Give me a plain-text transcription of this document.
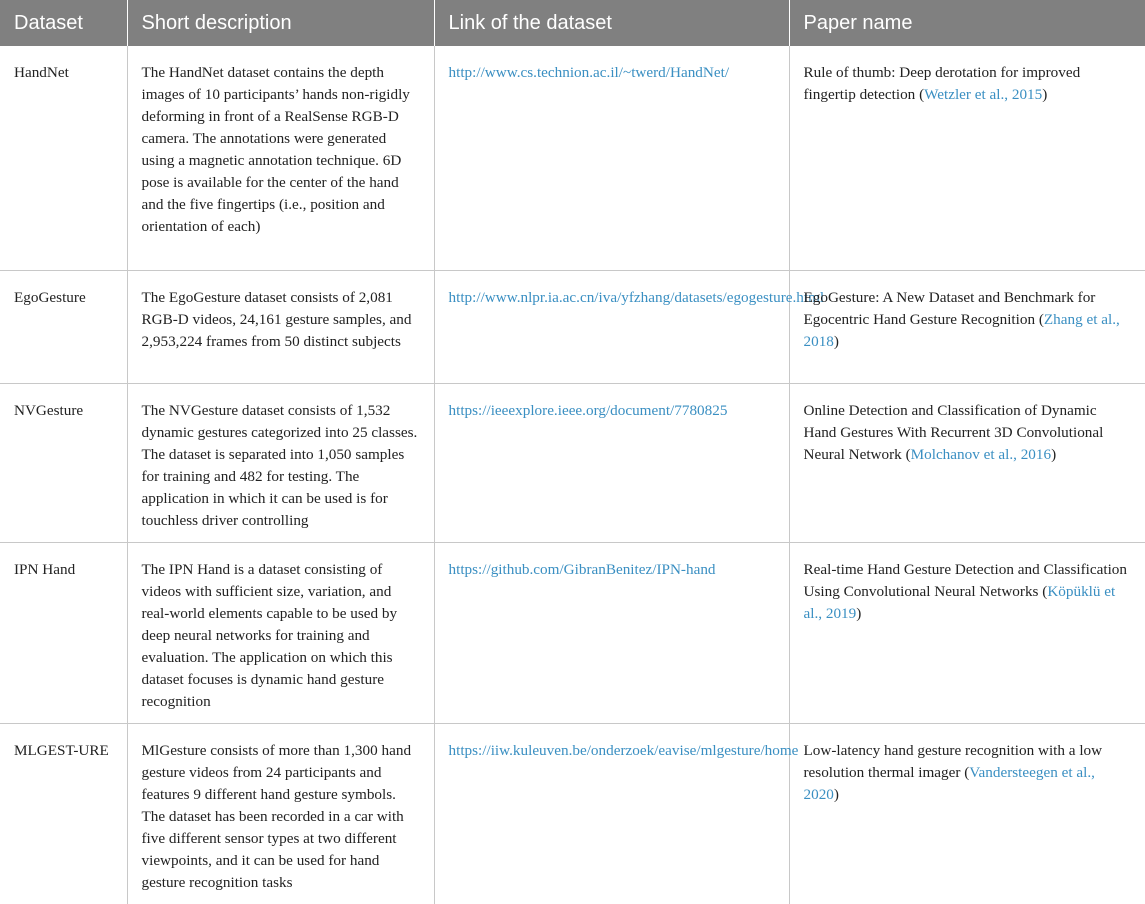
Dataset	Short description	Link of the dataset	Paper name
HandNet	The HandNet dataset contains the depth images of 10 participants’ hands non-rigidly deforming in front of a RealSense RGB-D camera. The annotations were generated using a magnetic annotation technique. 6D pose is available for the center of the hand and the five fingertips (i.e., position and orientation of each)	http://www.cs.technion.ac.il/~twerd/HandNet/	Rule of thumb: Deep derotation for improved fingertip detection (Wetzler et al., 2015)
EgoGesture	The EgoGesture dataset consists of 2,081 RGB-D videos, 24,161 gesture samples, and 2,953,224 frames from 50 distinct subjects	http://www.nlpr.ia.ac.cn/iva/yfzhang/datasets/egogesture.html	EgoGesture: A New Dataset and Benchmark for Egocentric Hand Gesture Recognition (Zhang et al., 2018)
NVGesture	The NVGesture dataset consists of 1,532 dynamic gestures categorized into 25 classes. The dataset is separated into 1,050 samples for training and 482 for testing. The application in which it can be used is for touchless driver controlling	https://ieeexplore.ieee.org/document/7780825	Online Detection and Classification of Dynamic Hand Gestures With Recurrent 3D Convolutional Neural Network (Molchanov et al., 2016)
IPN Hand	The IPN Hand is a dataset consisting of videos with sufficient size, variation, and real-world elements capable to be used by deep neural networks for training and evaluation. The application on which this dataset focuses is dynamic hand gesture recognition	https://github.com/GibranBenitez/IPN-hand	Real-time Hand Gesture Detection and Classification Using Convolutional Neural Networks (Köpüklü et al., 2019)
MLGEST-URE	MlGesture consists of more than 1,300 hand gesture videos from 24 participants and features 9 different hand gesture symbols. The dataset has been recorded in a car with five different sensor types at two different viewpoints, and it can be used for hand gesture recognition tasks	https://iiw.kuleuven.be/onderzoek/eavise/mlgesture/home	Low-latency hand gesture recognition with a low resolution thermal imager (Vandersteegen et al., 2020)
